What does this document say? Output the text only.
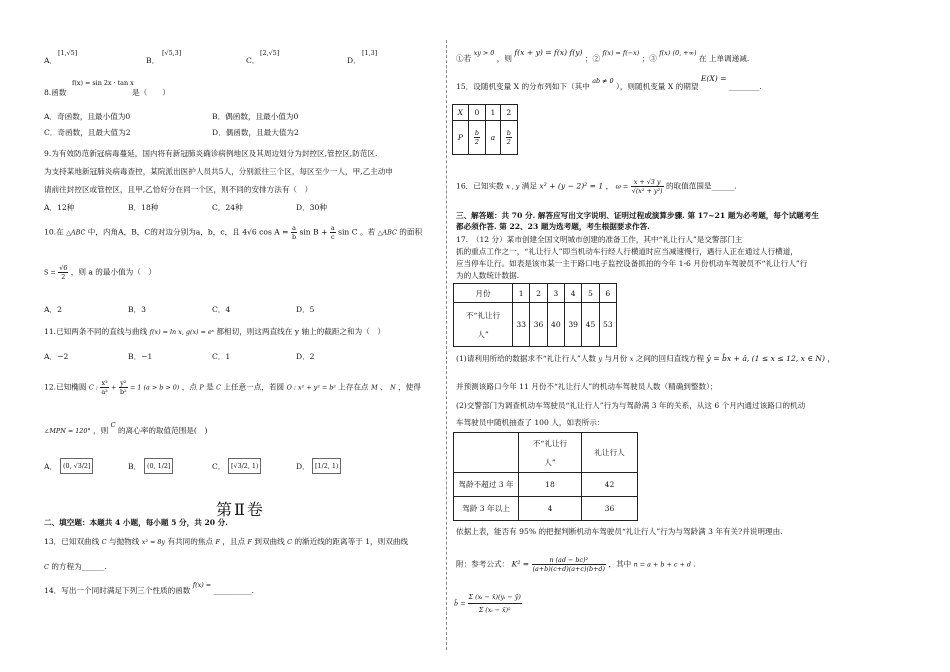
A．
[1,√5]
B．
[√5,3]
C．
[2,√5]
D．
[1,3]
f(x) = sin 2x · tan x
8.函数	是（　　）
A．奇函数，且最小值为0	B．偶函数，且最小值为0
C．奇函数，且最大值为2	D．偶函数，且最大值为2
9.为有效防范新冠病毒蔓延，国内将有新冠肺炎确诊病例地区及其周边划分为封控区,管控区,防范区.
为支持某地新冠肺炎病毒查控，某院派出医护人员共5人，分别派往三个区，每区至少一人，甲,乙主动申
请前往封控区或管控区，且甲,乙恰好分在同一个区，则不同的安排方法有（　）
A．12种	B．18种	C．24种	D．30种
10.在 △ABC 中，内角A，B，C的对边分别为a，b，c，且 4√6 $\cos A = \frac{a}{b}$ $\sin B + \frac{a}{c}$ sin C 。若 △ABC 的面积
$S = \frac{√6}{2}$ ，则 a 的最小值为（　）
A．2	B．3	C．4	D．5
11.已知两条不同的直线与曲线 f(x) = ln x, g(x) = eˣ 都相切，则这两直线在 y 轴上的截距之和为（　）
A．−2	B．−1	C．1	D．2
12.已知椭圆 C : $\frac{\text{x²}}{\text{a²}} + \frac{\text{y²}}{\text{b²}} = 1$ (a > b > 0) ，点 P 是 C 上任意一点，若圆 O : x² + y² = b² 上存在点 M 、 N ，使得
∠MPN = 120° ，则 $^C$ 的离心率的取值范围是(　)
A． (0, √3/2]	B． (0, 1/2]	C． [√3/2, 1)	D． [1/2, 1)
第Ⅱ卷
二、填空题：本题共 4 小题，每小题 5 分，共 20 分.
13．已知双曲线 C 与抛物线 x² = 8y 有共同的焦点 F ，且点 F 到双曲线 C 的渐近线的距离等于 1，则双曲线
C 的方程为______.
14．写出一个同时满足下列三个性质的函数 $^{f(x) =}$ __________.
①若 $^{xy > 0}$ ，则 f(x + y) = f(x) f(y) ；② $^{f(x) = f(-x)}$ ；③ $^{f(x)}$ $^{(0, +\infty)}$ 在 上单调递减.
15．设随机变量 X 的分布列如下（其中 $^{ab \ne 0}$ ），则随机变量 X 的期望 E(X) = ________.
X	0	1	2
P	$\frac{b}{2}$	a	$\frac{b}{2}$
16．已知实数 x , y 满足 x² + (y − 2)² = 1 ， $\omega = \frac{x + √3 y}{\text{√(x² + y²)}}$ 的取值范围是______.
三、解答题：共 70 分. 解答应写出文字说明、证明过程或演算步骤. 第 17~21 题为必考题，每个试题考生
都必须作答. 第 22、23 题为选考题，考生根据要求作答.
17.　（12 分）某市创建全国文明城市创建的准备工作，其中“礼让行人”是交警部门主
抓的重点工作之一，“礼让行人”即当机动车行经人行横道时应当减速慢行，遇行人正在通过人行横道，
应当停车让行。如表是该市某一主干路口电子监控设备抓拍的今年 1-6 月份机动车驾驶员不“礼让行人”行
为的人数统计数据.
月份	1	2	3	4	5	6

不“礼让行
人”	33	36	40	39	45	53
(1)请利用所给的数据求不“礼让行人”人数 y 与月份 x 之间的回归直线方程 ŷ = b̂x + â, (1 ≤ x ≤ 12, x ∈ N) ，
并预测该路口今年 11 月份不“礼让行人”的机动车驾驶员人数（精确到整数）；
(2)交警部门为调查机动车驾驶员“礼让行人”行为与驾龄满 3 年的关系，从这 6 个月内通过该路口的机动
车驾驶员中随机抽查了 100 人，如表所示：

	不“礼让行
人”	礼让行人
驾龄不超过 3 年	18	42
驾龄 3 年以上	4	36
依据上表，能否有 95% 的把握判断机动车驾驶员“礼让行人”行为与驾龄满 3 年有关?并说明理由.
附：参考公式： $K^2 = \frac{\text{n (ad − bc)²}}{(a+b)(c+d)(a+c)(b+d)}$ ，其中 n = a + b + c + d .
b̂ = $\frac{\text{Σ (xᵢ − x̄)(yᵢ − ȳ)}}{\text{Σ (xᵢ − x̄)²}}$
